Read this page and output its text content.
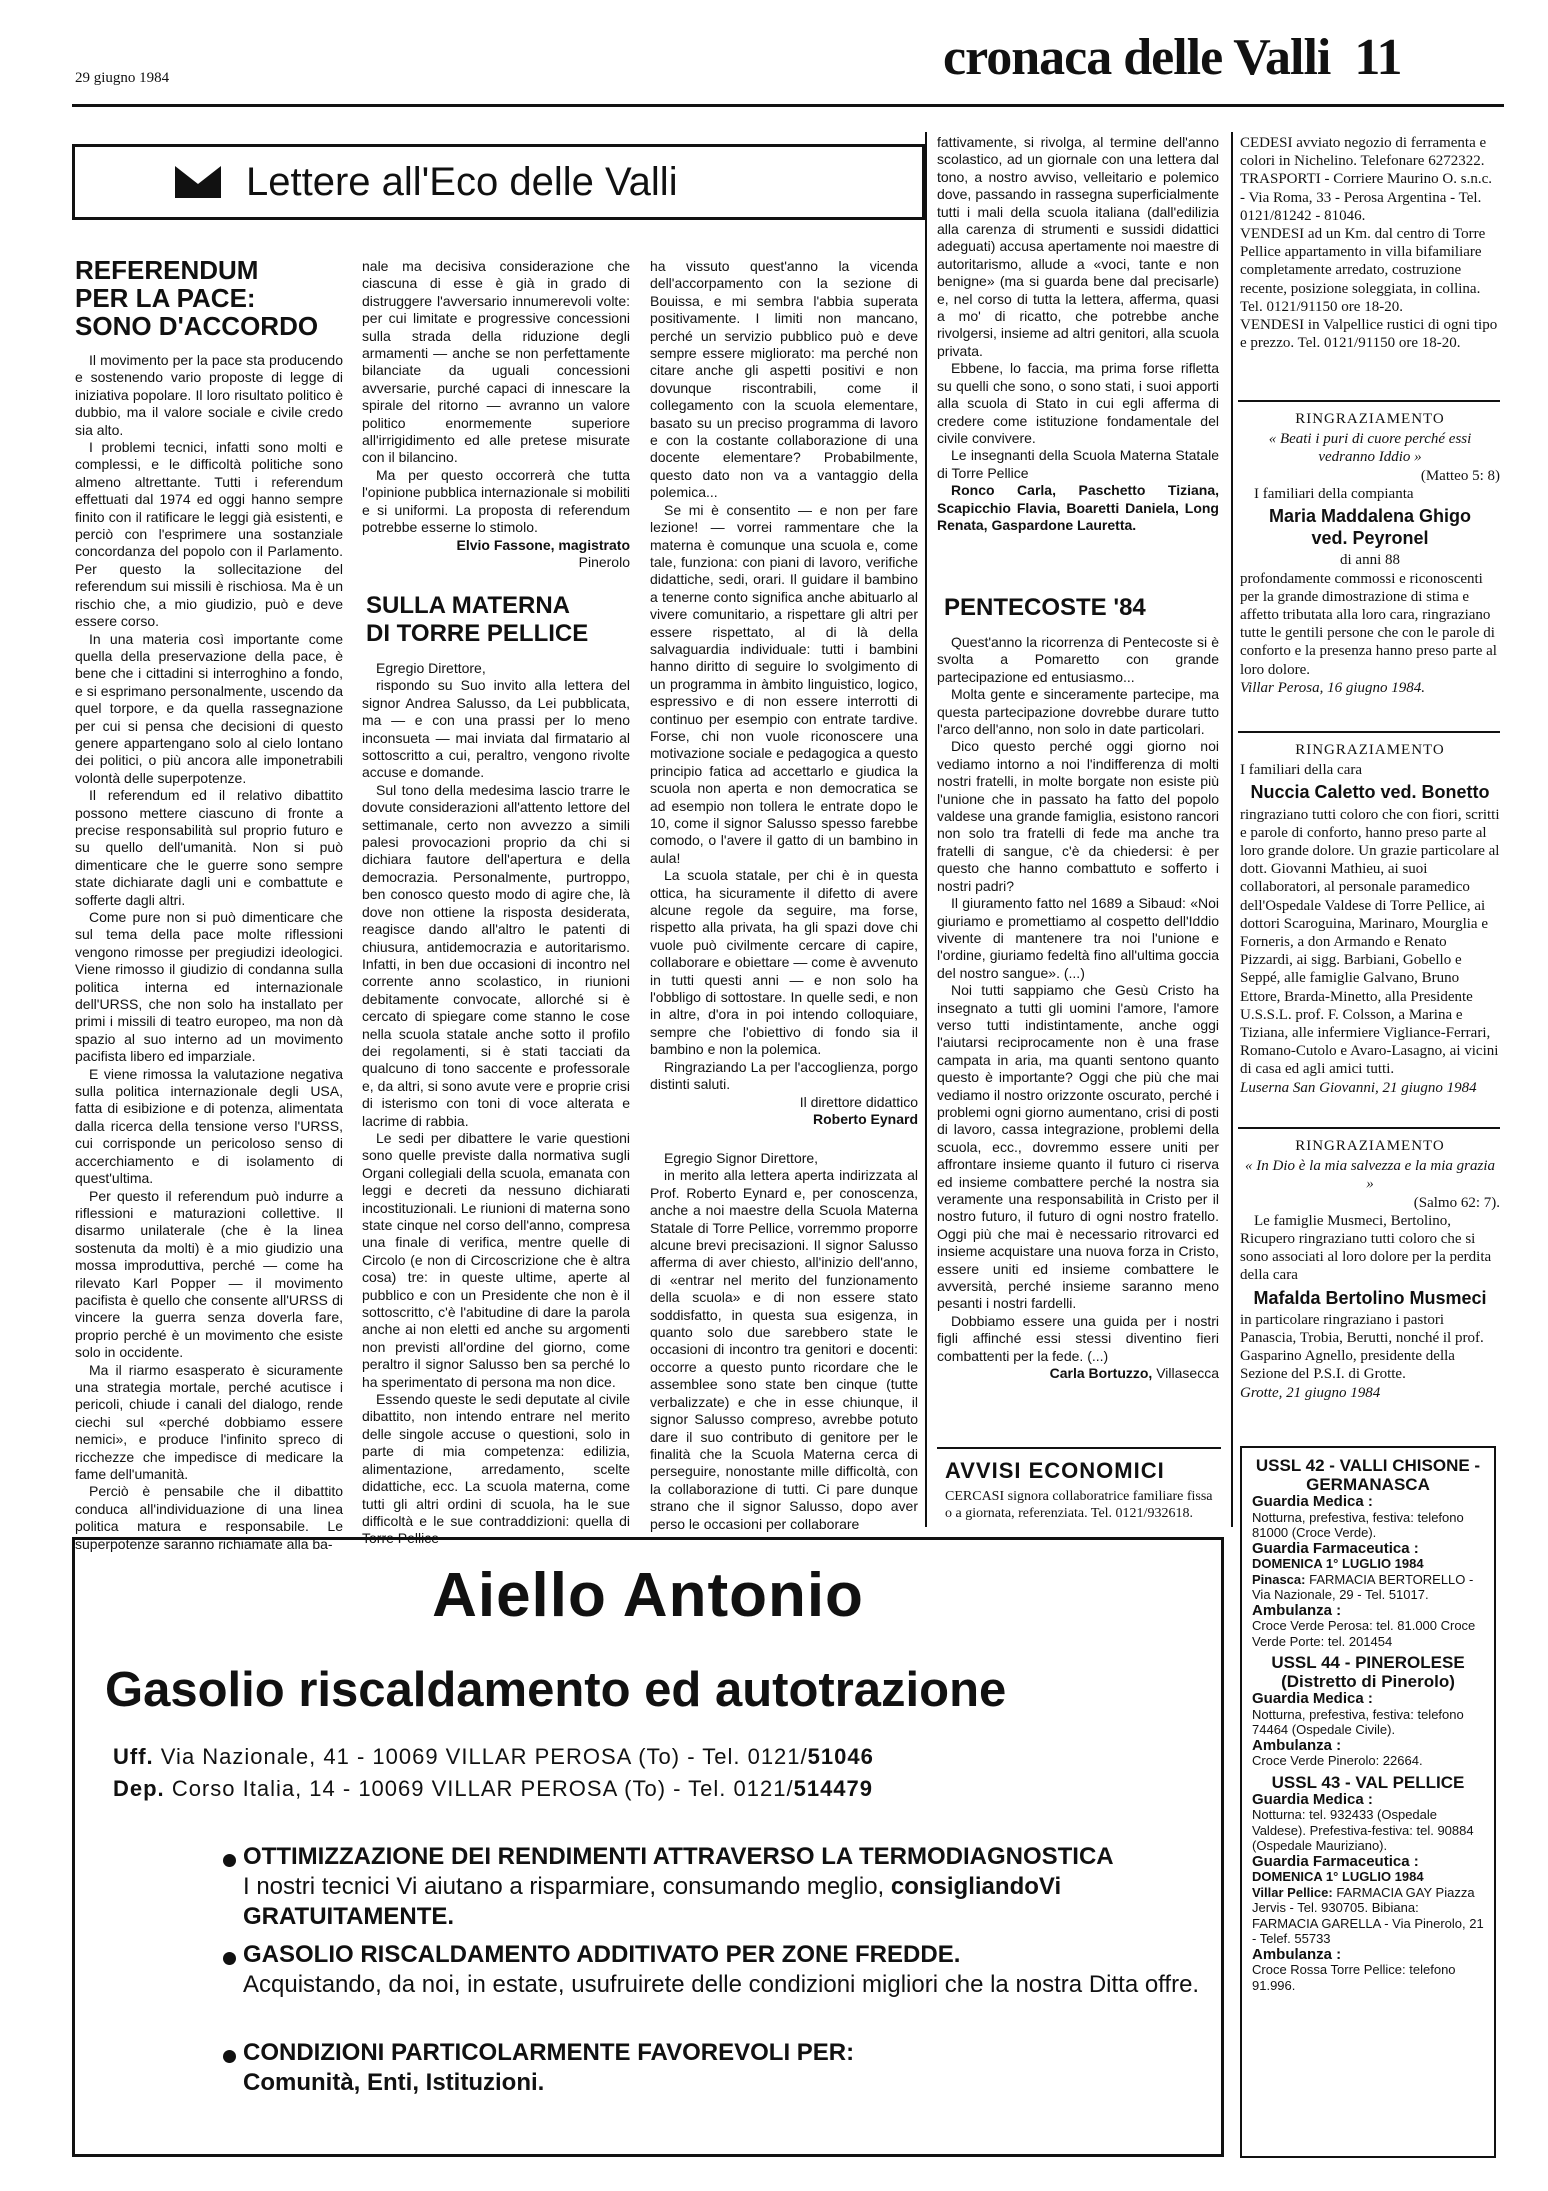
29 giugno 1984	cronaca delle Valli 11
Lettere all'Eco delle Valli
REFERENDUM
PER LA PACE:
SONO D'ACCORDO

Il movimento per la pace sta producendo e sostenendo vario proposte di legge di iniziativa popolare. Il loro risultato politico è dubbio, ma il valore sociale e civile credo sia alto.

I problemi tecnici, infatti sono molti e complessi, e le difficoltà politiche sono almeno altrettante. Tutti i referendum effettuati dal 1974 ed oggi hanno sempre finito con il ratificare le leggi già esistenti, e perciò con l'esprimere una sostanziale concordanza del popolo con il Parlamento. Per questo la sollecitazione del referendum sui missili è rischiosa. Ma è un rischio che, a mio giudizio, può e deve essere corso.

In una materia così importante come quella della preservazione della pace, è bene che i cittadini si interroghino a fondo, e si esprimano personalmente, uscendo da quel torpore, e da quella rassegnazione per cui si pensa che decisioni di questo genere appartengano solo al cielo lontano dei politici, o più ancora alle imponetrabili volontà delle superpotenze.

Il referendum ed il relativo dibattito possono mettere ciascuno di fronte a precise responsabilità sul proprio futuro e su quello dell'umanità. Non si può dimenticare che le guerre sono sempre state dichiarate dagli uni e combattute e sofferte dagli altri.

Come pure non si può dimenticare che sul tema della pace molte riflessioni vengono rimosse per pregiudizi ideologici. Viene rimosso il giudizio di condanna sulla politica interna ed internazionale dell'URSS, che non solo ha installato per primi i missili di teatro europeo, ma non dà spazio al suo interno ad un movimento pacifista libero ed imparziale.

E viene rimossa la valutazione negativa sulla politica internazionale degli USA, fatta di esibizione e di potenza, alimentata dalla ricerca della tensione verso l'URSS, cui corrisponde un pericoloso senso di accerchiamento e di isolamento di quest'ultima.

Per questo il referendum può indurre a riflessioni e maturazioni collettive. Il disarmo unilaterale (che è la linea sostenuta da molti) è a mio giudizio una mossa improduttiva, perché — come ha rilevato Karl Popper — il movimento pacifista è quello che consente all'URSS di vincere la guerra senza doverla fare, proprio perché è un movimento che esiste solo in occidente.

Ma il riarmo esasperato è sicuramente una strategia mortale, perché acutisce i pericoli, chiude i canali del dialogo, rende ciechi sul «perché dobbiamo essere nemici», e produce l'infinito spreco di ricchezze che impedisce di medicare la fame dell'umanità.

Perciò è pensabile che il dibattito conduca all'individuazione di una linea politica matura e responsabile. Le superpotenze saranno richiamate alla ba-

nale ma decisiva considerazione che ciascuna di esse è già in grado di distruggere l'avversario innumerevoli volte: per cui limitate e progressive concessioni sulla strada della riduzione degli armamenti — anche se non perfettamente bilanciate da uguali concessioni avversarie, purché capaci di innescare la spirale del ritorno — avranno un valore politico enormemente superiore all'irrigidimento ed alle pretese misurate con il bilancino.

Ma per questo occorrerà che tutta l'opinione pubblica internazionale si mobiliti e si uniformi. La proposta di referendum potrebbe esserne lo stimolo.

Elvio Fassone, magistrato

Pinerolo

SULLA MATERNA
DI TORRE PELLICE

Egregio Direttore,

rispondo su Suo invito alla lettera del signor Andrea Salusso, da Lei pubblicata, ma — e con una prassi per lo meno inconsueta — mai inviata dal firmatario al sottoscritto a cui, peraltro, vengono rivolte accuse e domande.

Sul tono della medesima lascio trarre le dovute considerazioni all'attento lettore del settimanale, certo non avvezzo a simili palesi provocazioni proprio da chi si dichiara fautore dell'apertura e della democrazia. Personalmente, purtroppo, ben conosco questo modo di agire che, là dove non ottiene la risposta desiderata, reagisce dando all'altro le patenti di chiusura, antidemocrazia e autoritarismo. Infatti, in ben due occasioni di incontro nel corrente anno scolastico, in riunioni debitamente convocate, allorché si è cercato di spiegare come stanno le cose nella scuola statale anche sotto il profilo dei regolamenti, si è stati tacciati da qualcuno di tono saccente e professorale e, da altri, si sono avute vere e proprie crisi di isterismo con toni di voce alterata e lacrime di rabbia.

Le sedi per dibattere le varie questioni sono quelle previste dalla normativa sugli Organi collegiali della scuola, emanata con leggi e decreti da nessuno dichiarati incostituzionali. Le riunioni di materna sono state cinque nel corso dell'anno, compresa una finale di verifica, mentre quelle di Circolo (e non di Circoscrizione che è altra cosa) tre: in queste ultime, aperte al pubblico e con un Presidente che non è il sottoscritto, c'è l'abitudine di dare la parola anche ai non eletti ed anche su argomenti non previsti all'ordine del giorno, come peraltro il signor Salusso ben sa perché lo ha sperimentato di persona ma non dice.

Essendo queste le sedi deputate al civile dibattito, non intendo entrare nel merito delle singole accuse o questioni, solo in parte di mia competenza: edilizia, alimentazione, arredamento, scelte didattiche, ecc. La scuola materna, come tutti gli altri ordini di scuola, ha le sue difficoltà e le sue contraddizioni: quella di Torre Pellice

ha vissuto quest'anno la vicenda dell'accorpamento con la sezione di Bouissa, e mi sembra l'abbia superata positivamente. I limiti non mancano, perché un servizio pubblico può e deve sempre essere migliorato: ma perché non citare anche gli aspetti positivi e non dovunque riscontrabili, come il collegamento con la scuola elementare, basato su un preciso programma di lavoro e con la costante collaborazione di una docente elementare? Probabilmente, questo dato non va a vantaggio della polemica...

Se mi è consentito — e non per fare lezione! — vorrei rammentare che la materna è comunque una scuola e, come tale, funziona: con piani di lavoro, verifiche didattiche, sedi, orari. Il guidare il bambino a tenerne conto significa anche abituarlo al vivere comunitario, a rispettare gli altri per essere rispettato, al di là della salvaguardia individuale: tutti i bambini hanno diritto di seguire lo svolgimento di un programma in àmbito linguistico, logico, espressivo e di non essere interrotti di continuo per esempio con entrate tardive. Forse, chi non vuole riconoscere una motivazione sociale e pedagogica a questo principio fatica ad accettarlo e giudica la scuola non aperta e non democratica se ad esempio non tollera le entrate dopo le 10, come il signor Salusso spesso farebbe comodo, o l'avere il gatto di un bambino in aula!

La scuola statale, per chi è in questa ottica, ha sicuramente il difetto di avere alcune regole da seguire, ma forse, rispetto alla privata, ha gli spazi dove chi vuole può civilmente cercare di capire, collaborare e obiettare — come è avvenuto in tutti questi anni — e non solo ha l'obbligo di sottostare. In quelle sedi, e non in altre, d'ora in poi intendo colloquiare, sempre che l'obiettivo di fondo sia il bambino e non la polemica.

Ringraziando La per l'accoglienza, porgo distinti saluti.

Il direttore didattico

Roberto Eynard

Egregio Signor Direttore,

in merito alla lettera aperta indirizzata al Prof. Roberto Eynard e, per conoscenza, anche a noi maestre della Scuola Materna Statale di Torre Pellice, vorremmo proporre alcune brevi precisazioni. Il signor Salusso afferma di aver chiesto, all'inizio dell'anno, di «entrar nel merito del funzionamento della scuola» e di non essere stato soddisfatto, in questa sua esigenza, in quanto solo due sarebbero state le occasioni di incontro tra genitori e docenti: occorre a questo punto ricordare che le assemblee sono state ben cinque (tutte verbalizzate) e che in esse chiunque, il signor Salusso compreso, avrebbe potuto dare il suo contributo di genitore per le finalità che la Scuola Materna cerca di perseguire, nonostante mille difficoltà, con la collaborazione di tutti. Ci pare dunque strano che il signor Salusso, dopo aver perso le occasioni per collaborare

fattivamente, si rivolga, al termine dell'anno scolastico, ad un giornale con una lettera dal tono, a nostro avviso, velleitario e polemico dove, passando in rassegna superficialmente tutti i mali della scuola italiana (dall'edilizia alla carenza di strumenti e sussidi didattici adeguati) accusa apertamente noi maestre di autoritarismo, allude a «voci, tante e non benigne» (ma si guarda bene dal precisarle) e, nel corso di tutta la lettera, afferma, quasi a mo' di ricatto, che potrebbe anche rivolgersi, insieme ad altri genitori, alla scuola privata.

Ebbene, lo faccia, ma prima forse rifletta su quelli che sono, o sono stati, i suoi apporti alla scuola di Stato in cui egli afferma di credere come istituzione fondamentale del civile convivere.

Le insegnanti della Scuola Materna Statale di Torre Pellice

Ronco Carla, Paschetto Tiziana, Scapicchio Flavia, Boaretti Daniela, Long Renata, Gaspardone Lauretta.

PENTECOSTE '84

Quest'anno la ricorrenza di Pentecoste si è svolta a Pomaretto con grande partecipazione ed entusiasmo...

Molta gente e sinceramente partecipe, ma questa partecipazione dovrebbe durare tutto l'arco dell'anno, non solo in date particolari.

Dico questo perché oggi giorno noi vediamo intorno a noi l'indifferenza di molti nostri fratelli, in molte borgate non esiste più l'unione che in passato ha fatto del popolo valdese una grande famiglia, esistono rancori non solo tra fratelli di fede ma anche tra fratelli di sangue, c'è da chiedersi: è per questo che hanno combattuto e sofferto i nostri padri?

Il giuramento fatto nel 1689 a Sibaud: «Noi giuriamo e promettiamo al cospetto dell'Iddio vivente di mantenere tra noi l'unione e l'ordine, giuriamo fedeltà fino all'ultima goccia del nostro sangue». (...)

Noi tutti sappiamo che Gesù Cristo ha insegnato a tutti gli uomini l'amore, l'amore verso tutti indistintamente, anche oggi l'aiutarsi reciprocamente non è una frase campata in aria, ma quanti sentono quanto questo è importante? Oggi che più che mai vediamo il nostro orizzonte oscurato, perché i problemi ogni giorno aumentano, crisi di posti di lavoro, cassa integrazione, problemi della scuola, ecc., dovremmo essere uniti per affrontare insieme quanto il futuro ci riserva ed insieme combattere perché la nostra sia veramente una responsabilità in Cristo per il nostro futuro, il futuro di ogni nostro fratello. Oggi più che mai è necessario ritrovarci ed insieme acquistare una nuova forza in Cristo, essere uniti ed insieme combattere le avversità, perché insieme saranno meno pesanti i nostri fardelli.

Dobbiamo essere una guida per i nostri figli affinché essi stessi diventino fieri combattenti per la fede. (...)

Carla Bortuzzo, Villasecca

AVVISI ECONOMICI
CERCASI signora collaboratrice familiare fissa o a giornata, referenziata. Tel. 0121/932618.

CEDESI avviato negozio di ferramenta e colori in Nichelino. Telefonare 6272322.

TRASPORTI - Corriere Maurino O. s.n.c. - Via Roma, 33 - Perosa Argentina - Tel. 0121/81242 - 81046.

VENDESI ad un Km. dal centro di Torre Pellice appartamento in villa bifamiliare completamente arredato, costruzione recente, posizione soleggiata, in collina. Tel. 0121/91150 ore 18-20.

VENDESI in Valpellice rustici di ogni tipo e prezzo. Tel. 0121/91150 ore 18-20.

RINGRAZIAMENTO

« Beati i puri di cuore perché essi vedranno Iddio »

(Matteo 5: 8)

I familiari della compianta

Maria Maddalena Ghigo
ved. Peyronel

di anni 88

profondamente commossi e riconoscenti per la grande dimostrazione di stima e affetto tributata alla loro cara, ringraziano tutte le gentili persone che con le parole di conforto e la presenza hanno preso parte al loro dolore.

Villar Perosa, 16 giugno 1984.

RINGRAZIAMENTO

I familiari della cara

Nuccia Caletto ved. Bonetto

ringraziano tutti coloro che con fiori, scritti e parole di conforto, hanno preso parte al loro grande dolore. Un grazie particolare al dott. Giovanni Mathieu, ai suoi collaboratori, al personale paramedico dell'Ospedale Valdese di Torre Pellice, ai dottori Scaroguina, Marinaro, Mourglia e Forneris, a don Armando e Renato Pizzardi, ai sigg. Barbiani, Gobello e Seppé, alle famiglie Galvano, Bruno Ettore, Brarda-Minetto, alla Presidente U.S.S.L. prof. F. Colsson, a Marina e Tiziana, alle infermiere Vigliance-Ferrari, Romano-Cutolo e Avaro-Lasagno, ai vicini di casa ed agli amici tutti.

Luserna San Giovanni, 21 giugno 1984

RINGRAZIAMENTO

« In Dio è la mia salvezza e la mia grazia »

(Salmo 62: 7).

Le famiglie Musmeci, Bertolino, Ricupero ringraziano tutti coloro che si sono associati al loro dolore per la perdita della cara

Mafalda Bertolino Musmeci

in particolare ringraziano i pastori Panascia, Trobia, Berutti, nonché il prof. Gasparino Agnello, presidente della Sezione del P.S.I. di Grotte.

Grotte, 21 giugno 1984

USSL 42 - VALLI CHISONE - GERMANASCA
Guardia Medica :
Notturna, prefestiva, festiva: telefono 81000 (Croce Verde).
Guardia Farmaceutica :
DOMENICA 1° LUGLIO 1984
Pinasca: FARMACIA BERTORELLO - Via Nazionale, 29 - Tel. 51017.
Ambulanza :
Croce Verde Perosa: tel. 81.000 Croce Verde Porte: tel. 201454
USSL 44 - PINEROLESE (Distretto di Pinerolo)
Guardia Medica :
Notturna, prefestiva, festiva: telefono 74464 (Ospedale Civile).
Ambulanza :
Croce Verde Pinerolo: 22664.
USSL 43 - VAL PELLICE
Guardia Medica :
Notturna: tel. 932433 (Ospedale Valdese). Prefestiva-festiva: tel. 90884 (Ospedale Mauriziano).
Guardia Farmaceutica :
DOMENICA 1° LUGLIO 1984
Villar Pellice: FARMACIA GAY Piazza Jervis - Tel. 930705. Bibiana: FARMACIA GARELLA - Via Pinerolo, 21 - Telef. 55733
Ambulanza :
Croce Rossa Torre Pellice: telefono 91.996.
Aiello Antonio
Gasolio riscaldamento ed autotrazione
Uff. Via Nazionale, 41 - 10069 VILLAR PEROSA (To) - Tel. 0121/51046
Dep. Corso Italia, 14 - 10069 VILLAR PEROSA (To) - Tel. 0121/514479
OTTIMIZZAZIONE DEI RENDIMENTI ATTRAVERSO LA TERMODIAGNOSTICA
I nostri tecnici Vi aiutano a risparmiare, consumando meglio, consigliandoVi GRATUITAMENTE.
GASOLIO RISCALDAMENTO ADDITIVATO PER ZONE FREDDE.
Acquistando, da noi, in estate, usufruirete delle condizioni migliori che la nostra Ditta offre.
CONDIZIONI PARTICOLARMENTE FAVOREVOLI PER:
Comunità, Enti, Istituzioni.
